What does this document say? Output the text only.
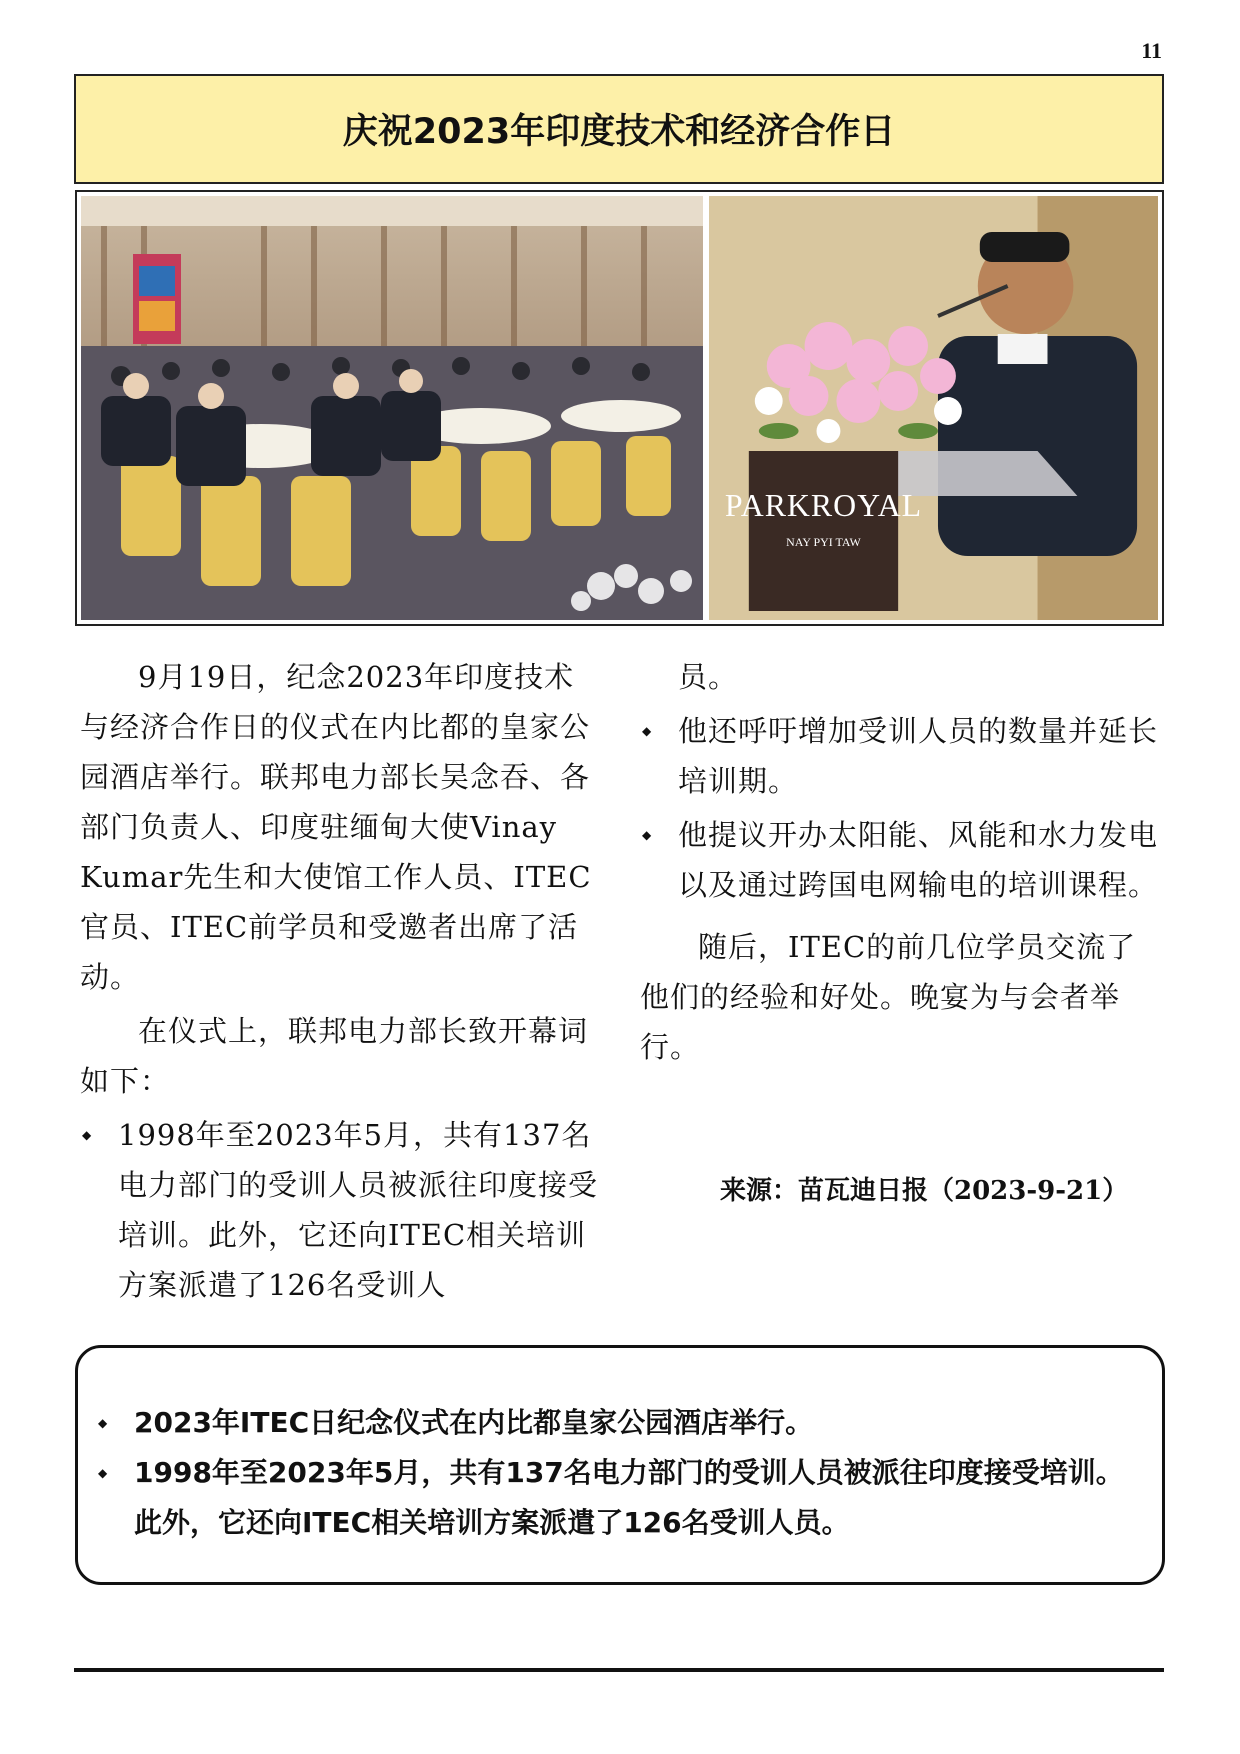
11
庆祝2023年印度技术和经济合作日
PARKROYAL
NAY PYI TAW

9月19日，纪念2023年印度技术与经济合作日的仪式在内比都的皇家公园酒店举行。联邦电力部长吴念吞、各部门负责人、印度驻缅甸大使Vinay Kumar先生和大使馆工作人员、ITEC官员、ITEC前学员和受邀者出席了活动。

在仪式上，联邦电力部长致开幕词如下：

◆ 1998年至2023年5月，共有137名电力部门的受训人员被派往印度接受培训。此外，它还向ITEC相关培训方案派遣了126名受训人

员。

◆ 他还呼吁增加受训人员的数量并延长培训期。

◆ 他提议开办太阳能、风能和水力发电以及通过跨国电网输电的培训课程。

随后，ITEC的前几位学员交流了他们的经验和好处。晚宴为与会者举行。

来源：苗瓦迪日报（2023-9-21）

◆ 2023年ITEC日纪念仪式在内比都皇家公园酒店举行。

◆ 1998年至2023年5月，共有137名电力部门的受训人员被派往印度接受培训。此外，它还向ITEC相关培训方案派遣了126名受训人员。
